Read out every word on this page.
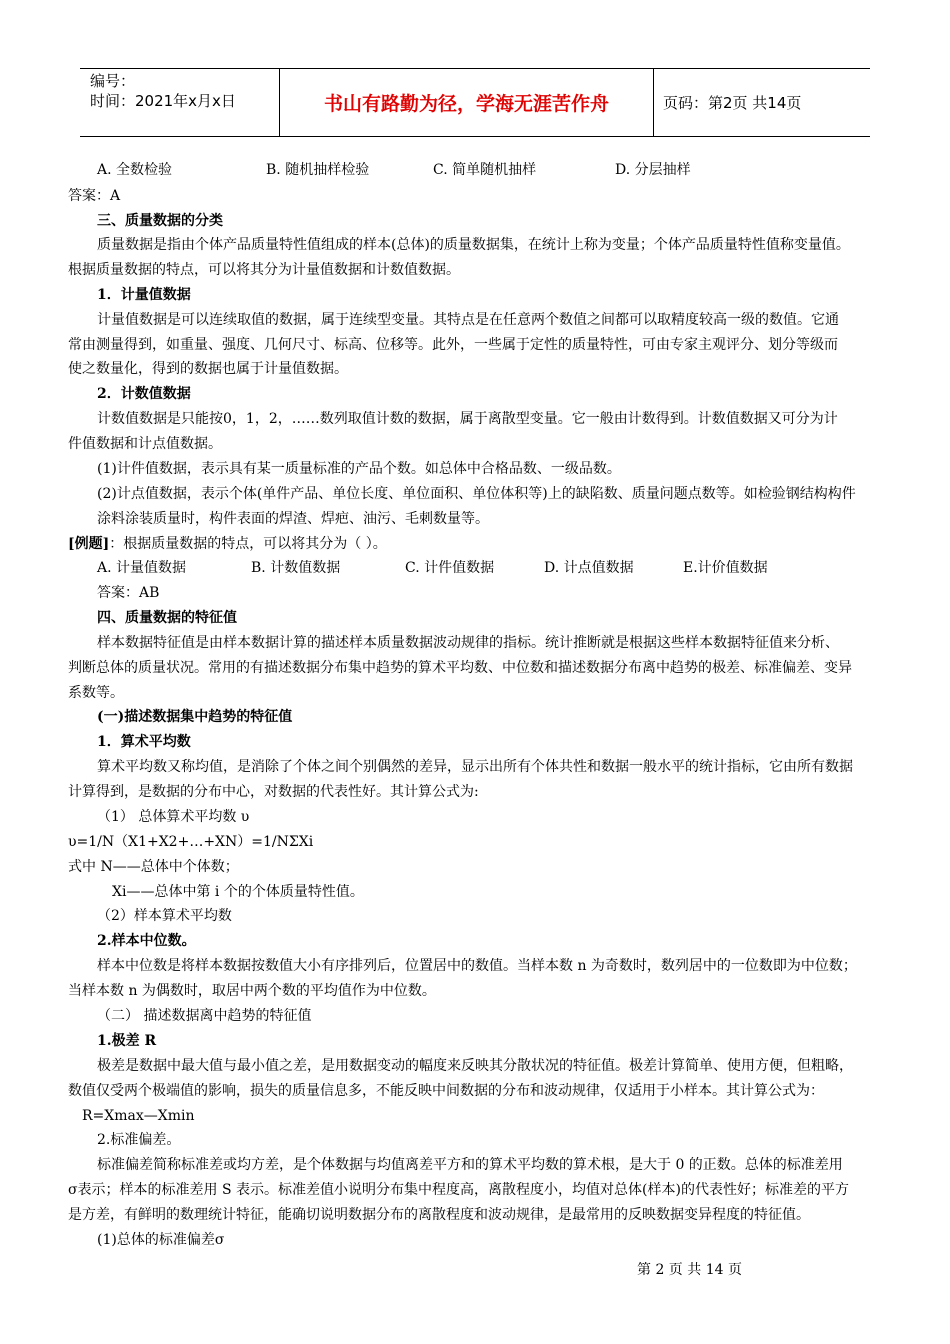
编号：
时间：2021年x月x日	书山有路勤为径，学海无涯苦作舟	页码：第2页 共14页
A. 全数检验	B. 随机抽样检验	C. 简单随机抽样	D. 分层抽样
答案：A
三、质量数据的分类
质量数据是指由个体产品质量特性值组成的样本(总体)的质量数据集，在统计上称为变量；个体产品质量特性值称变量值。
根据质量数据的特点，可以将其分为计量值数据和计数值数据。
1．计量值数据
计量值数据是可以连续取值的数据，属于连续型变量。其特点是在任意两个数值之间都可以取精度较高一级的数值。它通
常由测量得到，如重量、强度、几何尺寸、标高、位移等。此外，一些属于定性的质量特性，可由专家主观评分、划分等级而
使之数量化，得到的数据也属于计量值数据。
2．计数值数据
计数值数据是只能按0，1，2，……数列取值计数的数据，属于离散型变量。它一般由计数得到。计数值数据又可分为计
件值数据和计点值数据。
(1)计件值数据，表示具有某一质量标准的产品个数。如总体中合格品数、一级品数。
(2)计点值数据，表示个体(单件产品、单位长度、单位面积、单位体积等)上的缺陷数、质量问题点数等。如检验钢结构构件
涂料涂装质量时，构件表面的焊渣、焊疤、油污、毛刺数量等。
[例题]：根据质量数据的特点，可以将其分为（ ）。
A. 计量值数据	B. 计数值数据	C. 计件值数据	D. 计点值数据	E.计价值数据
答案：AB
四、质量数据的特征值
样本数据特征值是由样本数据计算的描述样本质量数据波动规律的指标。统计推断就是根据这些样本数据特征值来分析、
判断总体的质量状况。常用的有描述数据分布集中趋势的算术平均数、中位数和描述数据分布离中趋势的极差、标准偏差、变异
系数等。
(一)描述数据集中趋势的特征值
1．算术平均数
算术平均数又称均值，是消除了个体之间个别偶然的差异，显示出所有个体共性和数据一般水平的统计指标，它由所有数据
计算得到，是数据的分布中心，对数据的代表性好。其计算公式为:
（1） 总体算术平均数 υ
υ=1/N（X1+X2+…+XN）=1/NΣXi
式中 N——总体中个体数；
Xi——总体中第 i 个的个体质量特性值。
（2）样本算术平均数
2.样本中位数。
样本中位数是将样本数据按数值大小有序排列后，位置居中的数值。当样本数 n 为奇数时，数列居中的一位数即为中位数；
当样本数 n 为偶数时，取居中两个数的平均值作为中位数。
（二） 描述数据离中趋势的特征值
1.极差 R
极差是数据中最大值与最小值之差，是用数据变动的幅度来反映其分散状况的特征值。极差计算简单、使用方便，但粗略，
数值仅受两个极端值的影响，损失的质量信息多，不能反映中间数据的分布和波动规律，仅适用于小样本。其计算公式为：
R=Xmax—Xmin
2.标准偏差。
标准偏差简称标准差或均方差，是个体数据与均值离差平方和的算术平均数的算术根，是大于 0 的正数。总体的标准差用
σ表示；样本的标准差用 S 表示。标准差值小说明分布集中程度高，离散程度小，均值对总体(样本)的代表性好；标准差的平方
是方差，有鲜明的数理统计特征，能确切说明数据分布的离散程度和波动规律，是最常用的反映数据变异程度的特征值。
(1)总体的标准偏差σ
第 2 页 共 14 页
